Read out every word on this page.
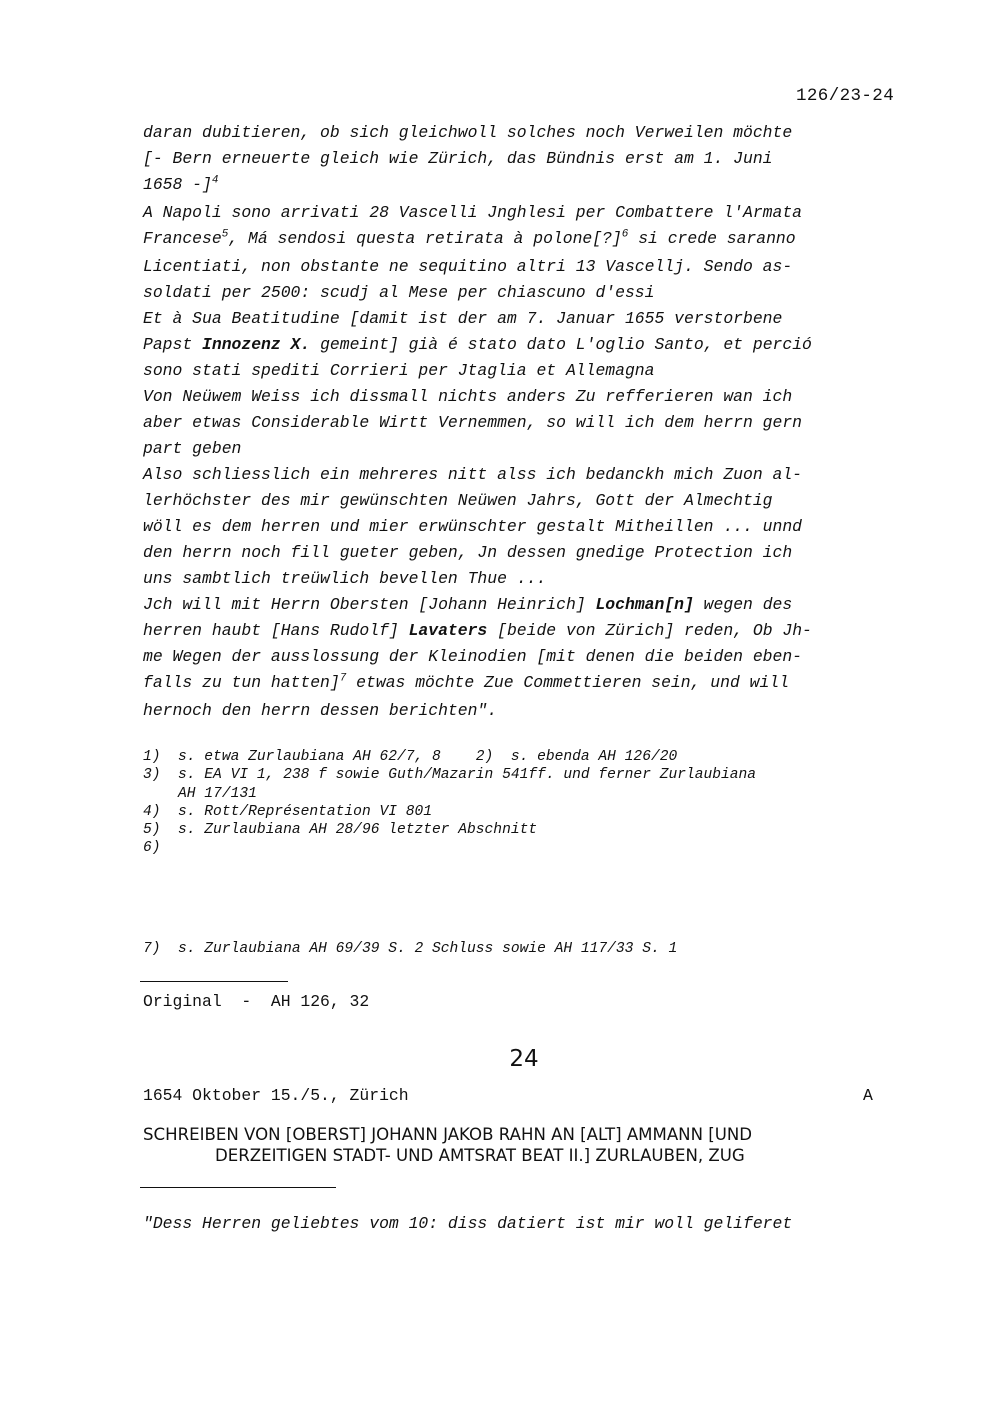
126/23-24
daran dubitieren, ob sich gleichwoll solches noch Verweilen möchte
[- Bern erneuerte gleich wie Zürich, das Bündnis erst am 1. Juni
1658 -]$^4$
A Napoli sono arrivati 28 Vascelli Jnghlesi per Combattere l'Armata
Francese$^5$, Má sendosi questa retirata à polone[?]$^6$ si crede saranno
Licentiati, non obstante ne sequitino altri 13 Vascellj. Sendo as-
soldati per 2500: scudj al Mese per chiascuno d'essi
Et à Sua Beatitudine [damit ist der am 7. Januar 1655 verstorbene
Papst Innozenz X. gemeint] già é stato dato L'oglio Santo, et perció
sono stati spediti Corrieri per Jtaglia et Allemagna
Von Neüwem Weiss ich dissmall nichts anders Zu refferieren wan ich
aber etwas Considerable Wirtt Vernemmen, so will ich dem herrn gern
part geben
Also schliesslich ein mehreres nitt alss ich bedanckh mich Zuon al-
lerhöchster des mir gewünschten Neüwen Jahrs, Gott der Almechtig
wöll es dem herren und mier erwünschter gestalt Mitheillen ... unnd
den herrn noch fill gueter geben, Jn dessen gnedige Protection ich
uns sambtlich treüwlich bevellen Thue ...
Jch will mit Herrn Obersten [Johann Heinrich] Lochman[n] wegen des
herren haubt [Hans Rudolf] Lavaters [beide von Zürich] reden, Ob Jh-
me Wegen der ausslossung der Kleinodien [mit denen die beiden eben-
falls zu tun hatten]$^7$ etwas möchte Zue Commettieren sein, und will
hernoch den herrn dessen berichten".
1)  s. etwa Zurlaubiana AH 62/7, 8    2)  s. ebenda AH 126/20
3)  s. EA VI 1, 238 f sowie Guth/Mazarin 541ff. und ferner Zurlaubiana
AH 17/131
4)  s. Rott/Représentation VI 801
5)  s. Zurlaubiana AH 28/96 letzter Abschnitt
6)
7)  s. Zurlaubiana AH 69/39 S. 2 Schluss sowie AH 117/33 S. 1
Original  -  AH 126, 32
24
1654 Oktober 15./5., Zürich	A
SCHREIBEN VON [OBERST] JOHANN JAKOB RAHN AN [ALT] AMMANN [UND
DERZEITIGEN STADT- UND AMTSRAT BEAT II.] ZURLAUBEN, ZUG
"Dess Herren geliebtes vom 10: diss datiert ist mir woll geliferet
